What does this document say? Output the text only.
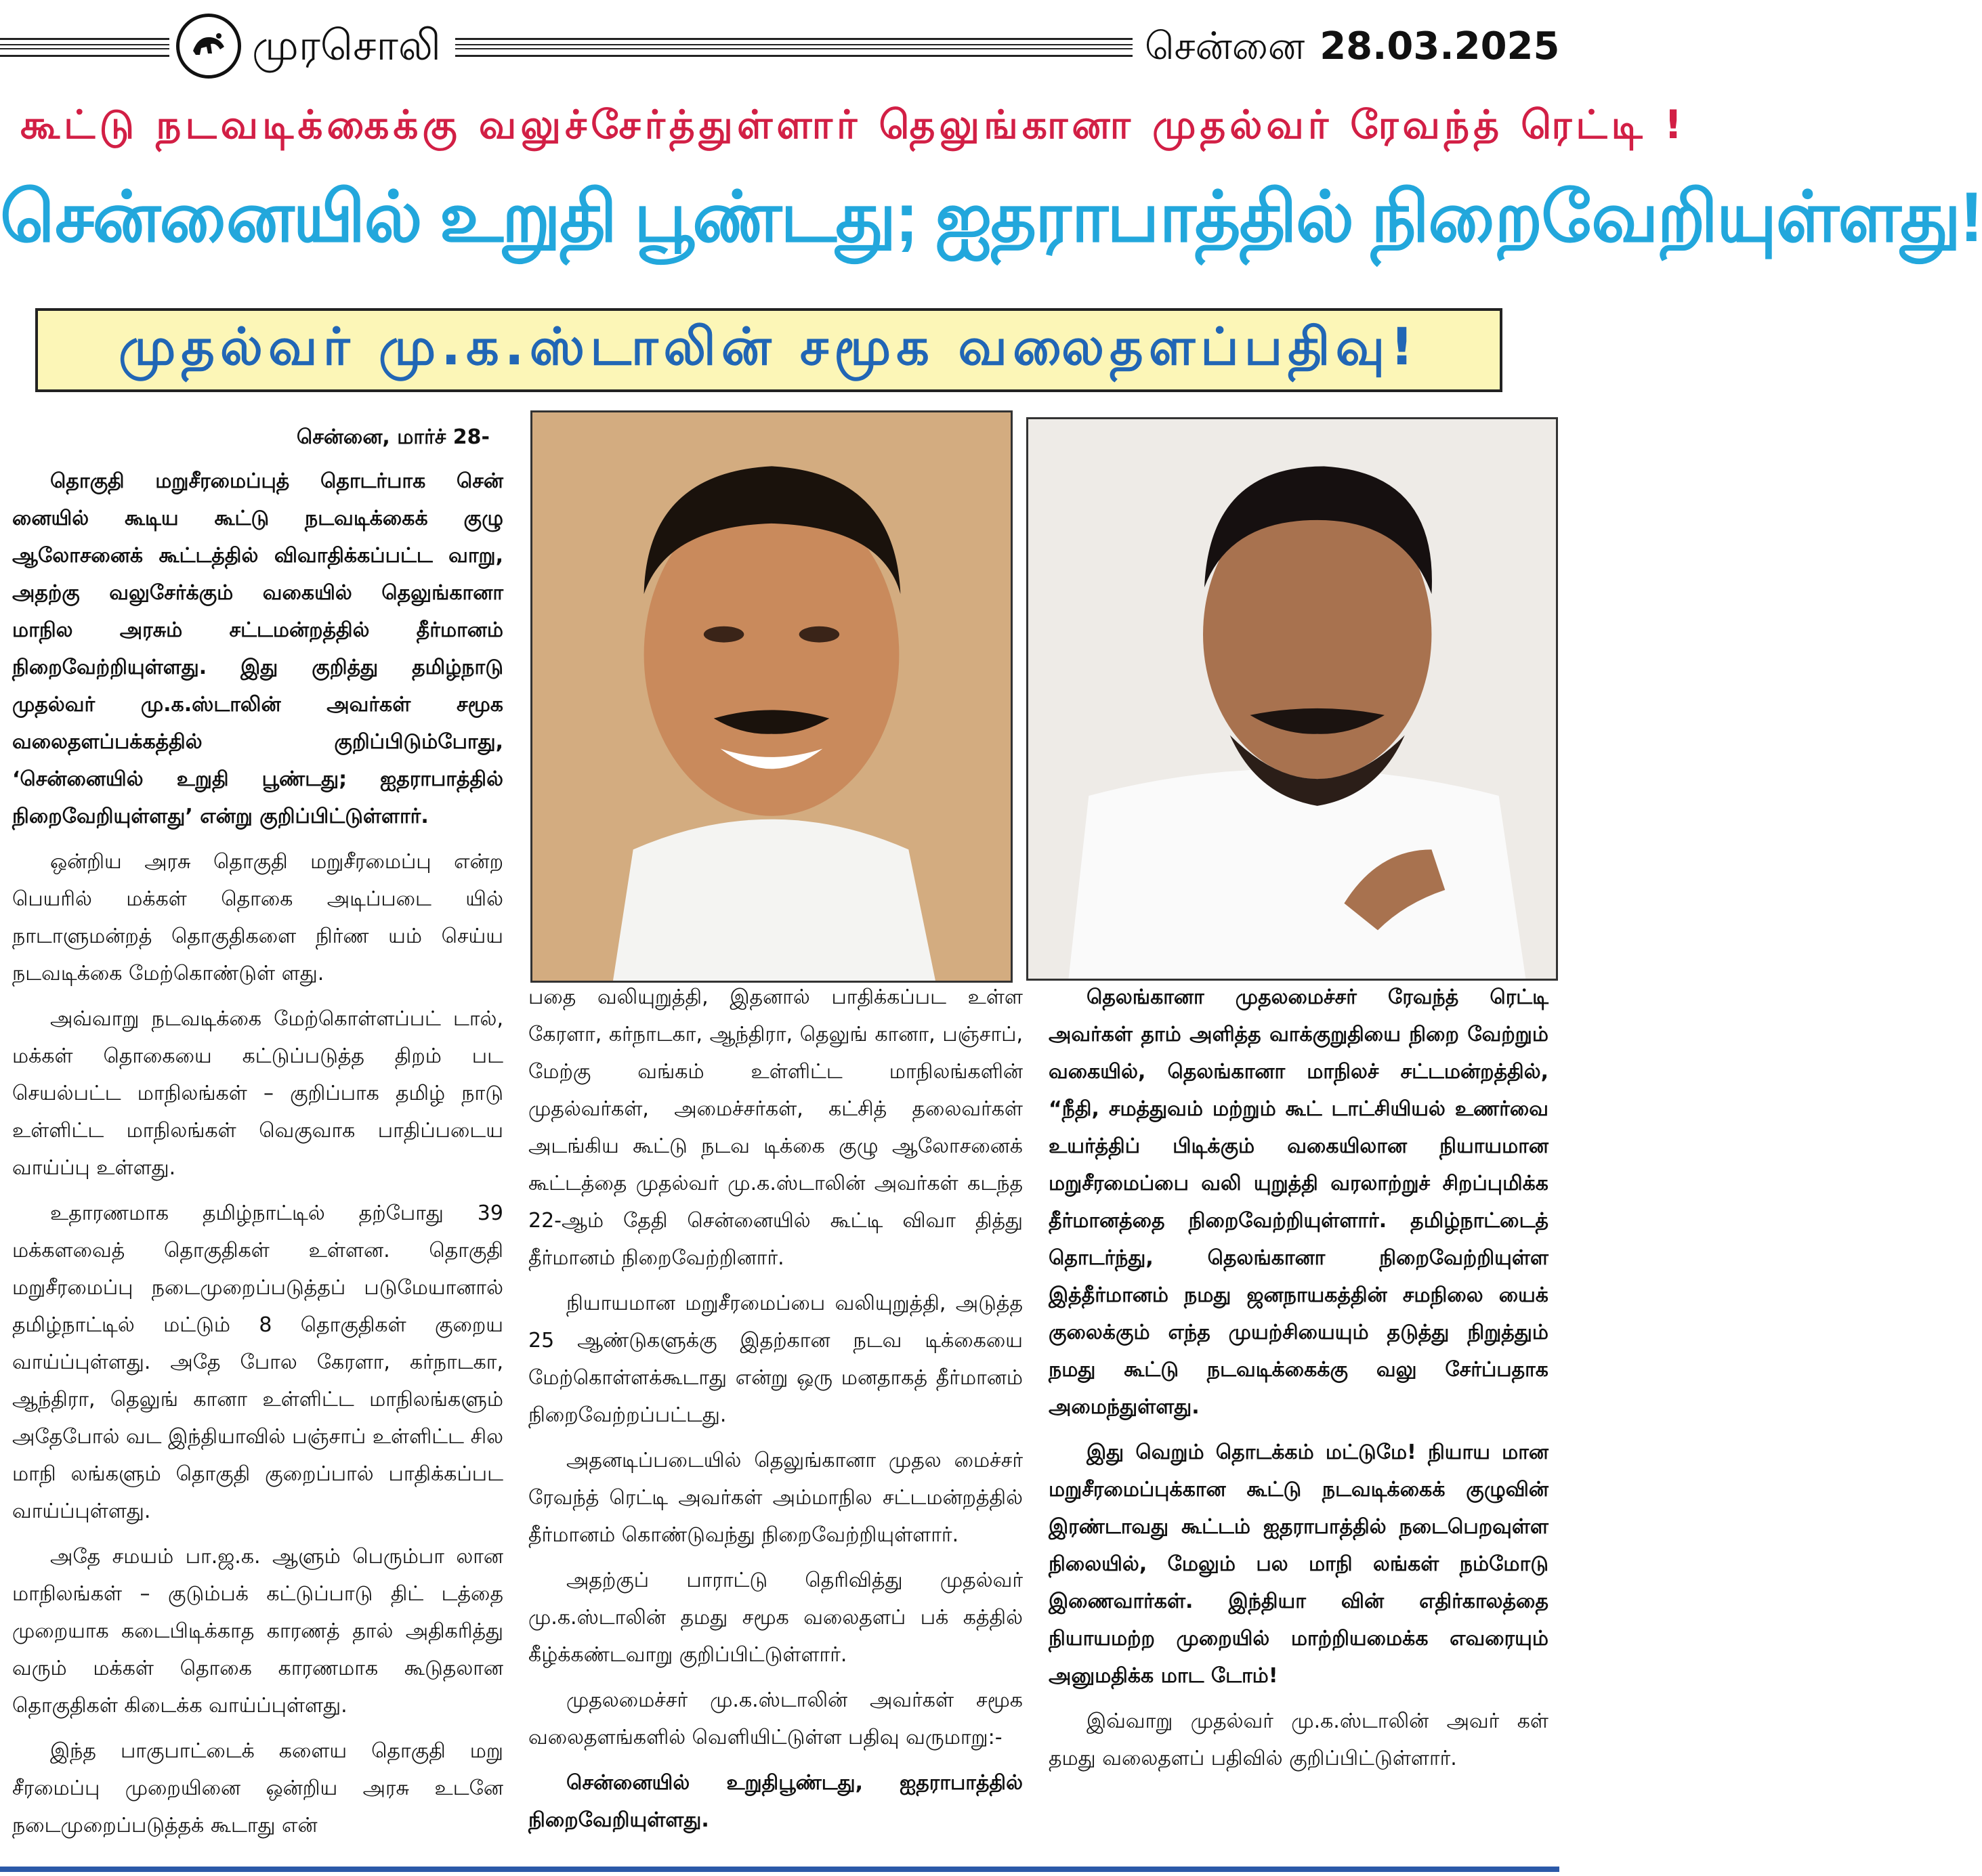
முரசொலி	சென்னை 28.03.2025
கூட்டு நடவடிக்கைக்கு வலுச்சேர்த்துள்ளார் தெலுங்கானா முதல்வர் ரேவந்த் ரெட்டி !
சென்னையில் உறுதி பூண்டது; ஐதராபாத்தில் நிறைவேறியுள்ளது!
முதல்வர் மு.க.ஸ்டாலின் சமூக வலைதளப்பதிவு!
சென்னை, மார்ச் 28-

தொகுதி மறுசீரமைப்புத் தொடர்பாக சென் னையில் கூடிய கூட்டு நடவடிக்கைக் குழு ஆலோசனைக் கூட்டத்தில் விவாதிக்கப்பட்ட வாறு, அதற்கு வலுசேர்க்கும் வகையில் தெலுங்கானா மாநில அரசும் சட்டமன்றத்தில் தீர்மானம் நிறைவேற்றியுள்ளது. இது குறித்து தமிழ்நாடு முதல்வர் மு.க.ஸ்டாலின் அவர்கள் சமூக வலைதளப்பக்கத்தில் குறிப்பிடும்போது, ‘சென்னையில் உறுதி பூண்டது; ஐதராபாத்தில் நிறைவேறியுள்ளது’ என்று குறிப்பிட்டுள்ளார்.

ஒன்றிய அரசு தொகுதி மறுசீரமைப்பு என்ற பெயரில் மக்கள் தொகை அடிப்படை யில் நாடாளுமன்றத் தொகுதிகளை நிர்ண யம் செய்ய நடவடிக்கை மேற்கொண்டுள் ளது.

அவ்வாறு நடவடிக்கை மேற்கொள்ளப்பட் டால், மக்கள் தொகையை கட்டுப்படுத்த திறம் பட செயல்பட்ட மாநிலங்கள் – குறிப்பாக தமிழ் நாடு உள்ளிட்ட மாநிலங்கள் வெகுவாக பாதிப்படைய வாய்ப்பு உள்ளது.

உதாரணமாக தமிழ்நாட்டில் தற்போது 39 மக்களவைத் தொகுதிகள் உள்ளன. தொகுதி மறுசீரமைப்பு நடைமுறைப்படுத்தப் படுமேயானால் தமிழ்நாட்டில் மட்டும் 8 தொகுதிகள் குறைய வாய்ப்புள்ளது. அதே போல கேரளா, கர்நாடகா, ஆந்திரா, தெலுங் கானா உள்ளிட்ட மாநிலங்களும் அதேபோல் வட இந்தியாவில் பஞ்சாப் உள்ளிட்ட சில மாநி லங்களும் தொகுதி குறைப்பால் பாதிக்கப்பட வாய்ப்புள்ளது.

அதே சமயம் பா.ஜ.க. ஆளும் பெரும்பா லான மாநிலங்கள் – குடும்பக் கட்டுப்பாடு திட் டத்தை முறையாக கடைபிடிக்காத காரணத் தால் அதிகரித்து வரும் மக்கள் தொகை காரணமாக கூடுதலான தொகுதிகள் கிடைக்க வாய்ப்புள்ளது.

இந்த பாகுபாட்டைக் களைய தொகுதி மறு சீரமைப்பு முறையினை ஒன்றிய அரசு உடனே நடைமுறைப்படுத்தக் கூடாது என்

பதை வலியுறுத்தி, இதனால் பாதிக்கப்பட உள்ள கேரளா, கர்நாடகா, ஆந்திரா, தெலுங் கானா, பஞ்சாப், மேற்கு வங்கம் உள்ளிட்ட மாநிலங்களின் முதல்வர்கள், அமைச்சர்கள், கட்சித் தலைவர்கள் அடங்கிய கூட்டு நடவ டிக்கை குழு ஆலோசனைக் கூட்டத்தை முதல்வர் மு.க.ஸ்டாலின் அவர்கள் கடந்த 22-ஆம் தேதி சென்னையில் கூட்டி விவா தித்து தீர்மானம் நிறைவேற்றினார்.

நியாயமான மறுசீரமைப்பை வலியுறுத்தி, அடுத்த 25 ஆண்டுகளுக்கு இதற்கான நடவ டிக்கையை மேற்கொள்ளக்கூடாது என்று ஒரு மனதாகத் தீர்மானம் நிறைவேற்றப்பட்டது.

அதனடிப்படையில் தெலுங்கானா முதல மைச்சர் ரேவந்த் ரெட்டி அவர்கள் அம்மாநில சட்டமன்றத்தில் தீர்மானம் கொண்டுவந்து நிறைவேற்றியுள்ளார்.

அதற்குப் பாராட்டு தெரிவித்து முதல்வர் மு.க.ஸ்டாலின் தமது சமூக வலைதளப் பக் கத்தில் கீழ்க்கண்டவாறு குறிப்பிட்டுள்ளார்.

முதலமைச்சர் மு.க.ஸ்டாலின் அவர்கள் சமூக வலைதளங்களில் வெளியிட்டுள்ள பதிவு வருமாறு:-

சென்னையில் உறுதிபூண்டது, ஐதராபாத்தில் நிறைவேறியுள்ளது.

தெலங்கானா முதலமைச்சர் ரேவந்த் ரெட்டி அவர்கள் தாம் அளித்த வாக்குறுதியை நிறை வேற்றும் வகையில், தெலங்கானா மாநிலச் சட்டமன்றத்தில், “நீதி, சமத்துவம் மற்றும் கூட் டாட்சியியல் உணர்வை உயர்த்திப் பிடிக்கும் வகையிலான நியாயமான மறுசீரமைப்பை வலி யுறுத்தி வரலாற்றுச் சிறப்புமிக்க தீர்மானத்தை நிறைவேற்றியுள்ளார். தமிழ்நாட்டைத் தொடர்ந்து, தெலங்கானா நிறைவேற்றியுள்ள இத்தீர்மானம் நமது ஜனநாயகத்தின் சமநிலை யைக் குலைக்கும் எந்த முயற்சியையும் தடுத்து நிறுத்தும் நமது கூட்டு நடவடிக்கைக்கு வலு சேர்ப்பதாக அமைந்துள்ளது.

இது வெறும் தொடக்கம் மட்டுமே! நியாய மான மறுசீரமைப்புக்கான கூட்டு நடவடிக்கைக் குழுவின் இரண்டாவது கூட்டம் ஐதராபாத்தில் நடைபெறவுள்ள நிலையில், மேலும் பல மாநி லங்கள் நம்மோடு இணைவார்கள். இந்தியா வின் எதிர்காலத்தை நியாயமற்ற முறையில் மாற்றியமைக்க எவரையும் அனுமதிக்க மாட டோம்!

இவ்வாறு முதல்வர் மு.க.ஸ்டாலின் அவர் கள் தமது வலைதளப் பதிவில் குறிப்பிட்டுள்ளார்.
